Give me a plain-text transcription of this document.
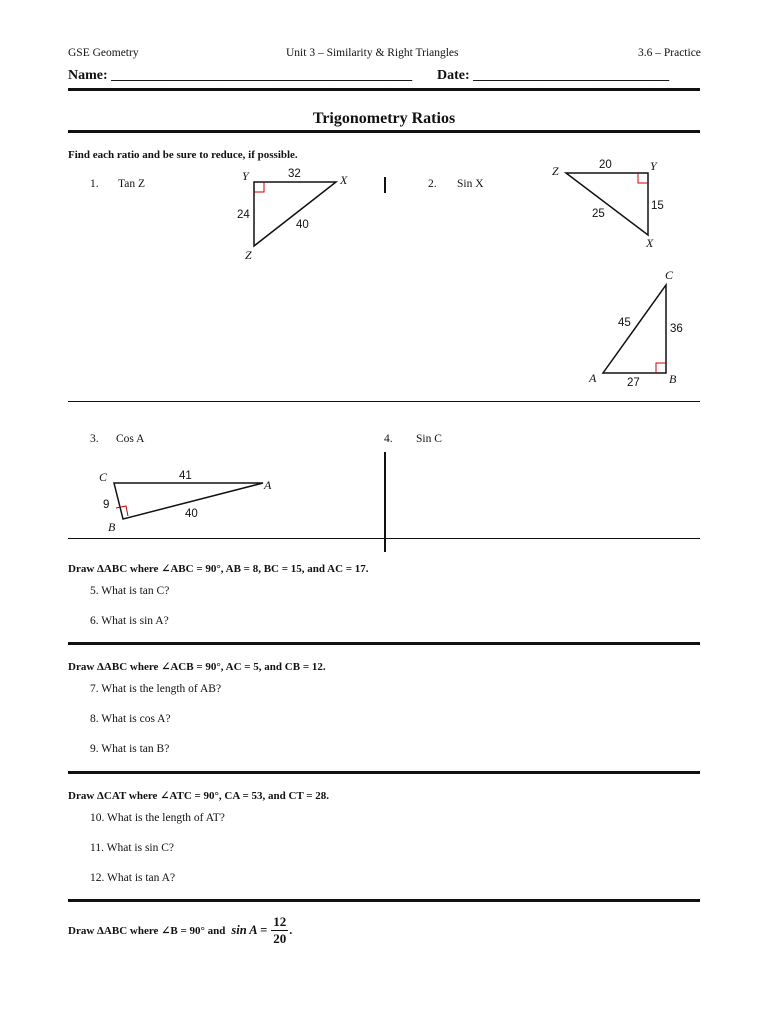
GSE Geometry	Unit 3 – Similarity & Right Triangles	3.6 – Practice
Name: ___________________________________________ Date: ____________________________
Trigonometry Ratios
Find each ratio and be sure to reduce, if possible.
1. Tan Z
Y	X
Z
32
24
40
2. Sin X
Z	Y
X
20
15
25
C
A	B
45	36
27
3. Cos A	4. Sin C
C
A
B
41
9
40
Draw ΔABC where ∠ABC = 90°, AB = 8, BC = 15, and AC = 17.
5. What is tan C?
6. What is sin A?
Draw ΔABC where ∠ACB = 90°, AC = 5, and CB = 12.
7. What is the length of AB?
8. What is cos A?
9. What is tan B?
Draw ΔCAT where ∠ATC = 90°, CA = 53, and CT = 28.
10. What is the length of AT?
11. What is sin C?
12. What is tan A?
Draw ΔABC where ∠B = 90° and $\sin A = \frac{12}{20}$ .
